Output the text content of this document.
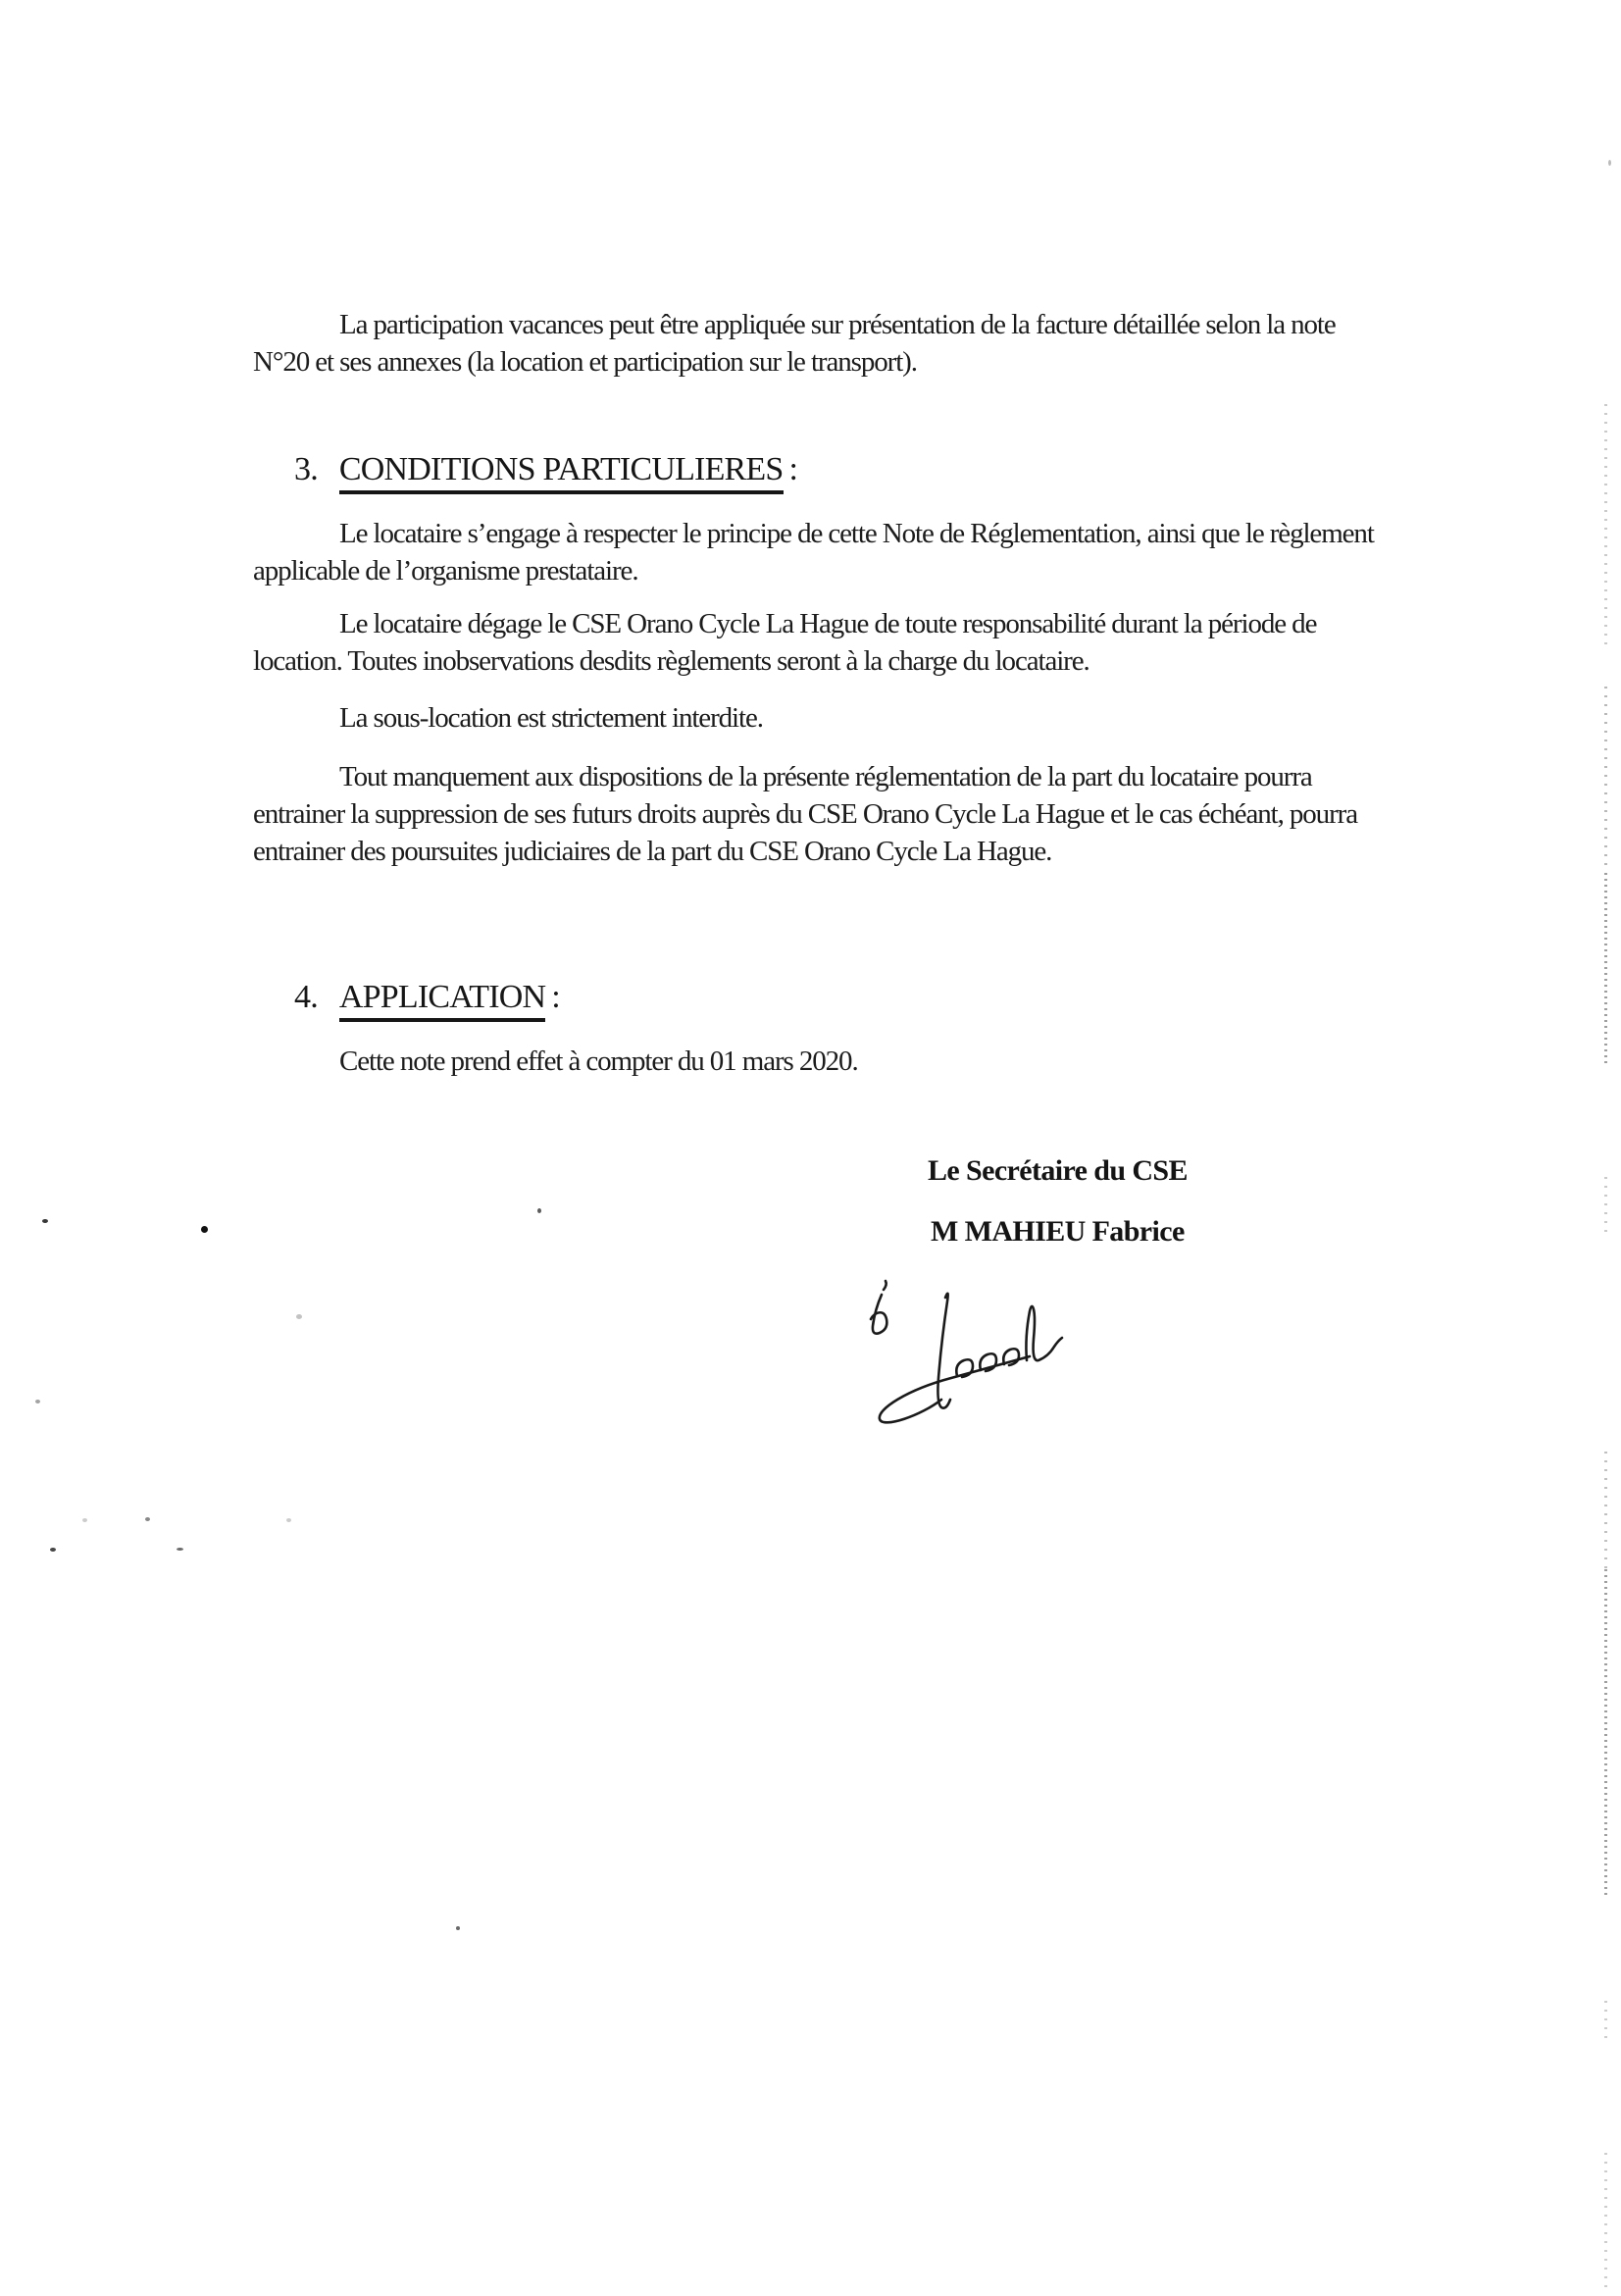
La participation vacances peut être appliquée sur présentation de la facture détaillée selon la note N°20 et ses annexes (la location et participation sur le transport).

3. CONDITIONS PARTICULIERES :

Le locataire s’engage à respecter le principe de cette Note de Réglementation, ainsi que le règlement applicable de l’organisme prestataire.

Le locataire dégage le CSE Orano Cycle La Hague de toute responsabilité durant la période de location. Toutes inobservations desdits règlements seront à la charge du locataire.

La sous-location est strictement interdite.

Tout manquement aux dispositions de la présente réglementation de la part du locataire pourra entrainer la suppression de ses futurs droits auprès du CSE Orano Cycle La Hague et le cas échéant, pourra entrainer des poursuites judiciaires de la part du CSE Orano Cycle La Hague.

4. APPLICATION :

Cette note prend effet à compter du 01 mars 2020.

Le Secrétaire du CSE
M MAHIEU Fabrice
